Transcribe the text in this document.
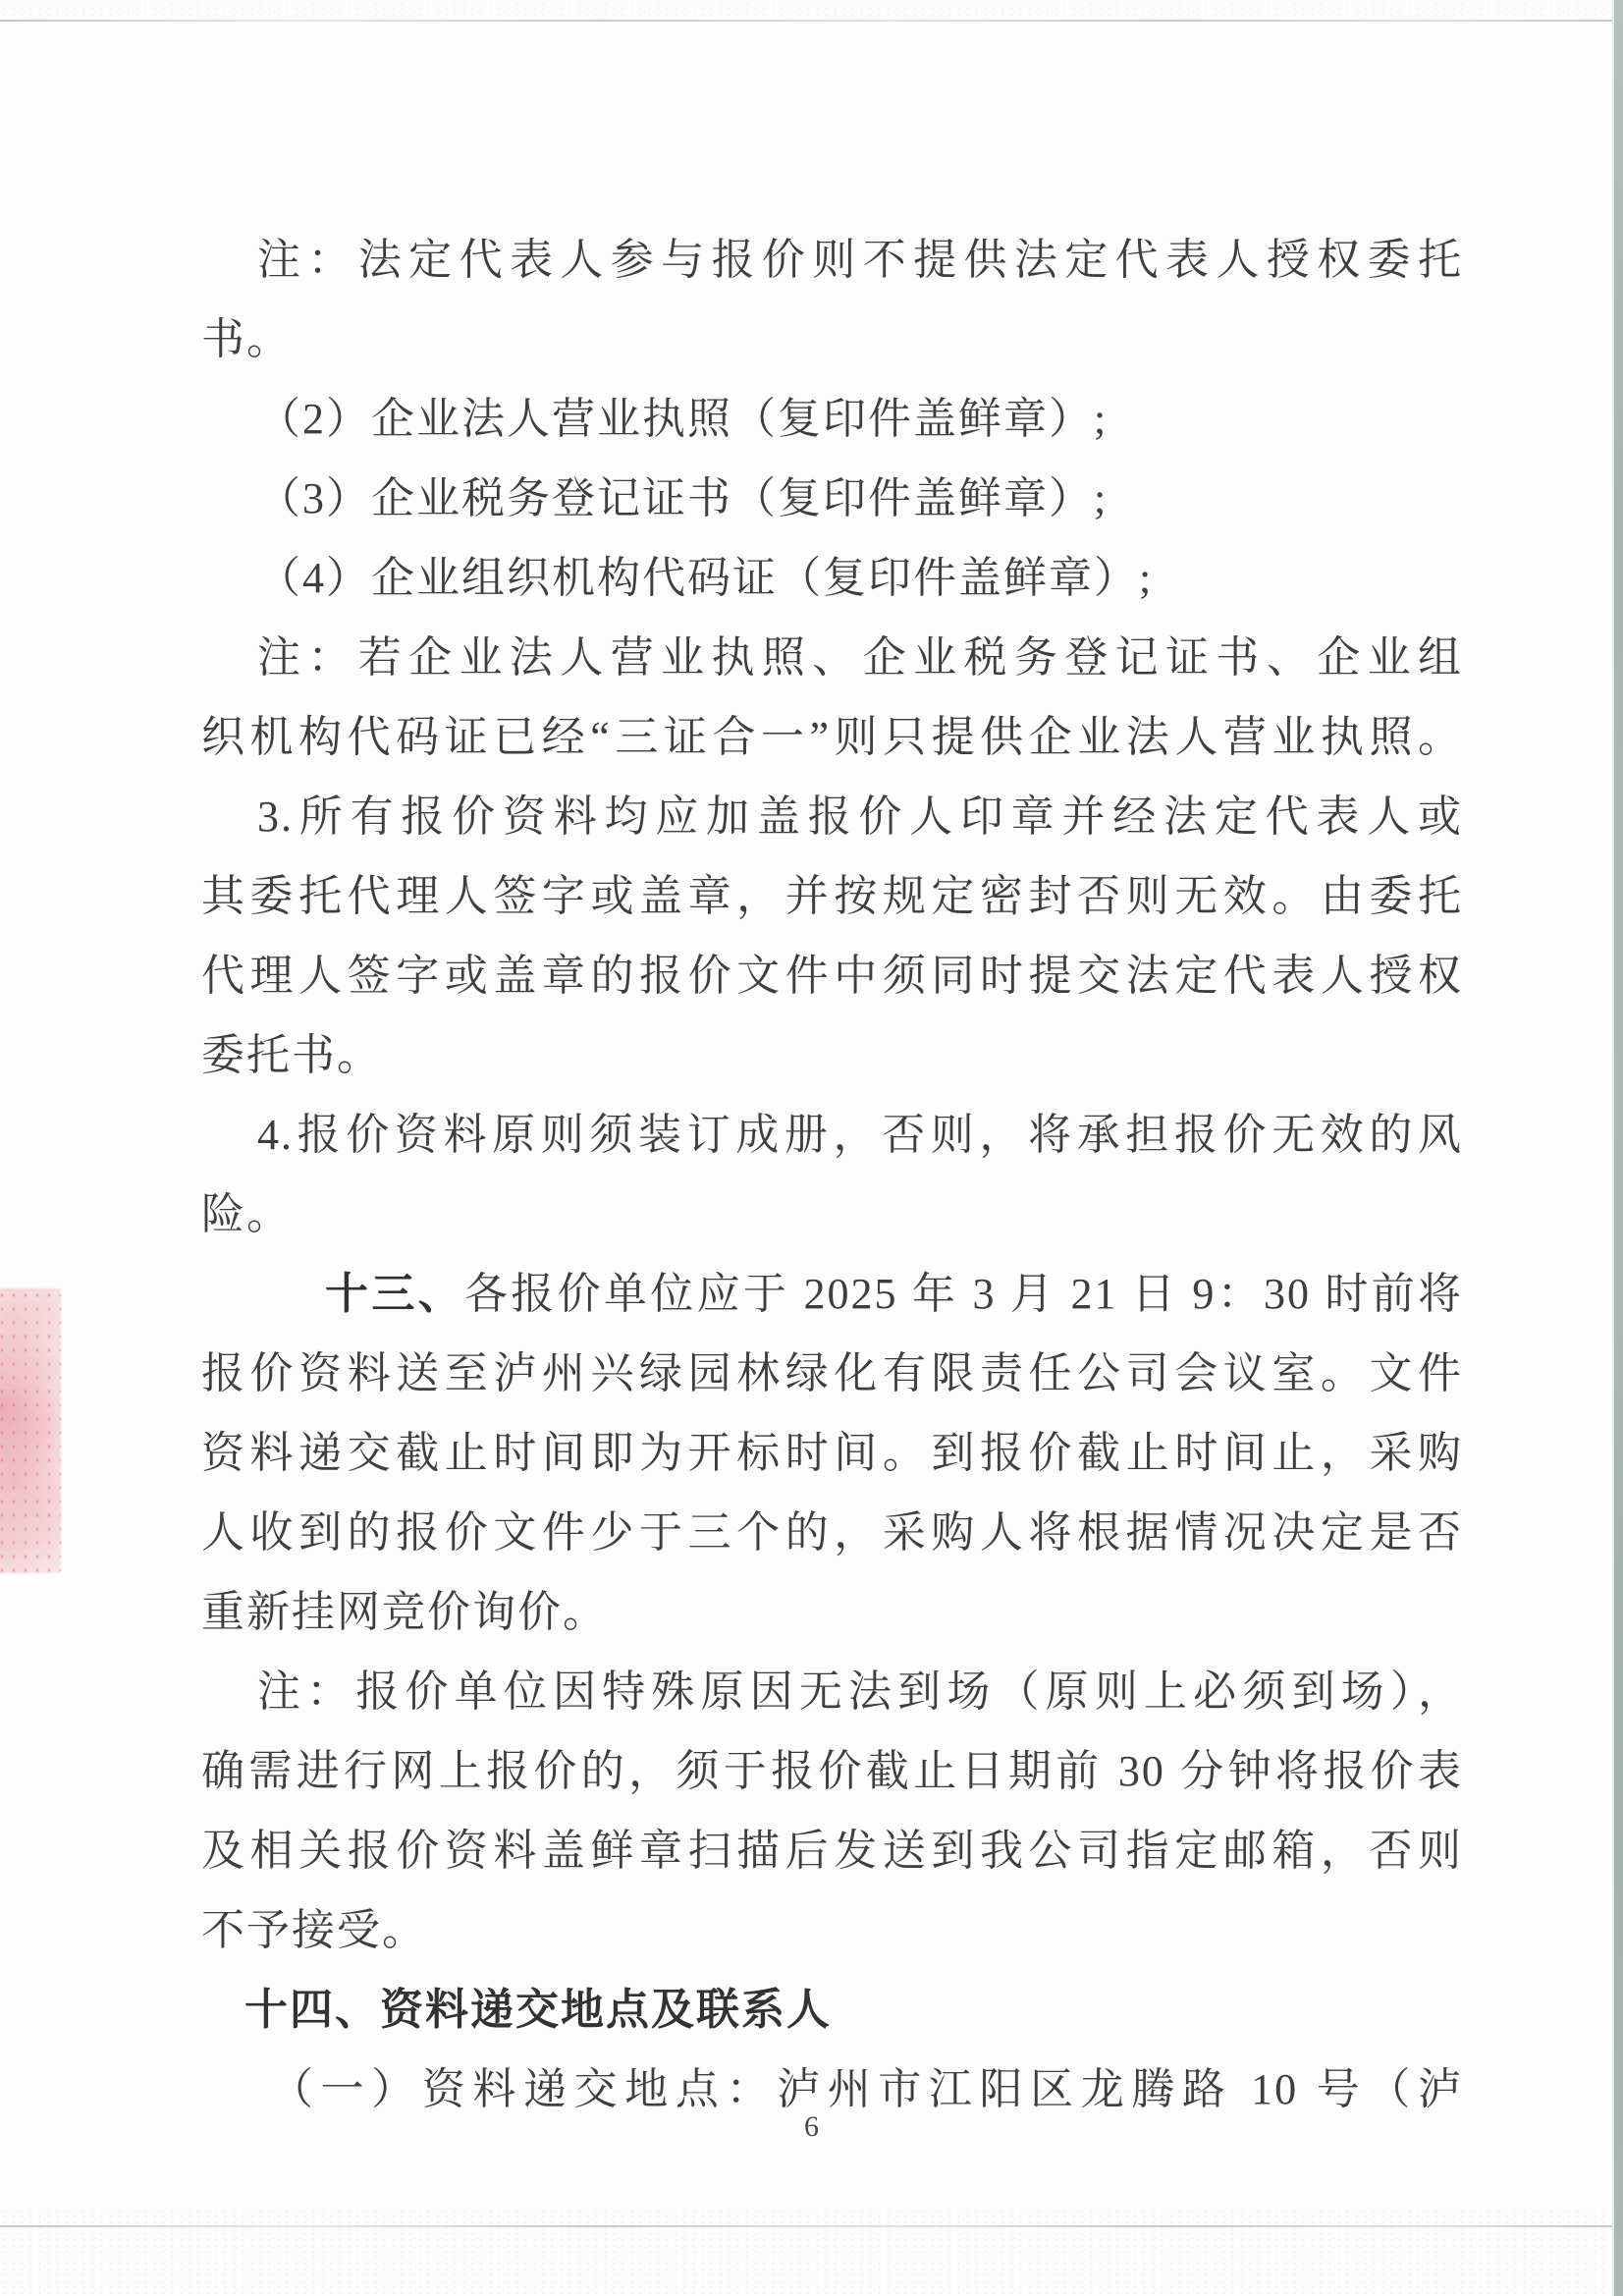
注：法定代表人参与报价则不提供法定代表人授权委托
书。
（2）企业法人营业执照（复印件盖鲜章）;
（3）企业税务登记证书（复印件盖鲜章）;
（4）企业组织机构代码证（复印件盖鲜章）;
注：若企业法人营业执照、企业税务登记证书、企业组
织机构代码证已经“三证合一”则只提供企业法人营业执照。
3.所有报价资料均应加盖报价人印章并经法定代表人或
其委托代理人签字或盖章，并按规定密封否则无效。由委托
代理人签字或盖章的报价文件中须同时提交法定代表人授权
委托书。
4.报价资料原则须装订成册，否则，将承担报价无效的风
险。
十三、各报价单位应于 2025 年 3 月 21 日 9：30 时前将
报价资料送至泸州兴绿园林绿化有限责任公司会议室。文件
资料递交截止时间即为开标时间。到报价截止时间止，采购
人收到的报价文件少于三个的，采购人将根据情况决定是否
重新挂网竞价询价。
注：报价单位因特殊原因无法到场（原则上必须到场），
确需进行网上报价的，须于报价截止日期前 30 分钟将报价表
及相关报价资料盖鲜章扫描后发送到我公司指定邮箱，否则
不予接受。
十四、资料递交地点及联系人
（一）资料递交地点：泸州市江阳区龙腾路 10 号（泸
6
